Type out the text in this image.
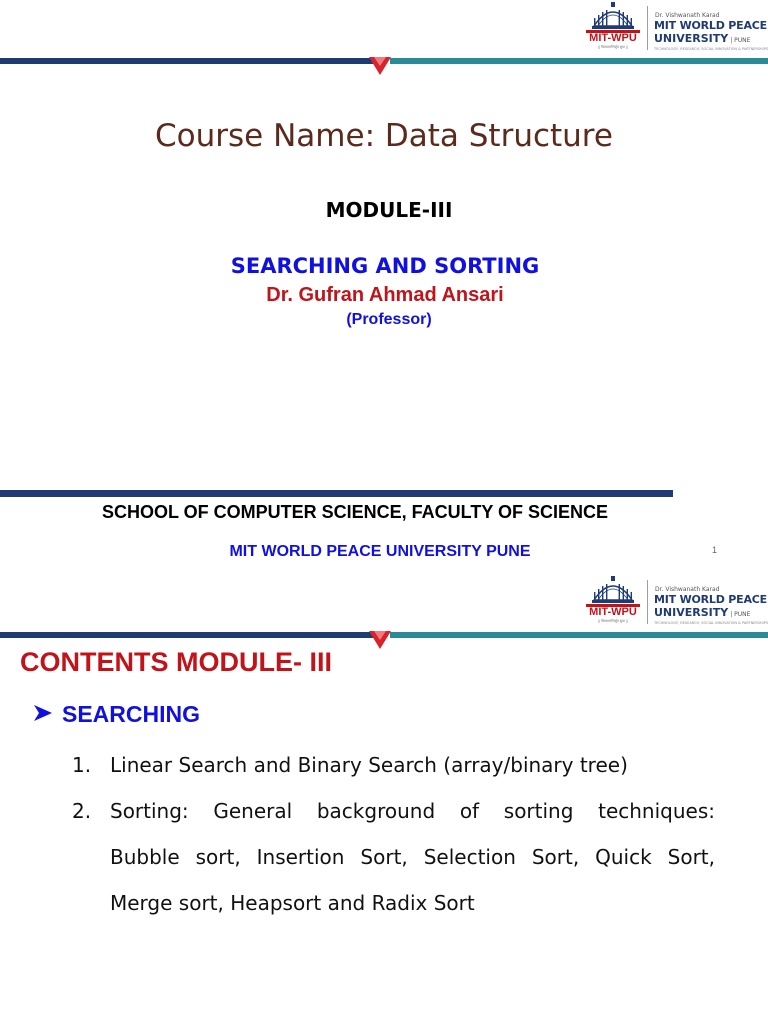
MIT-WPU
|| विश्वशान्तिर्ध्रुवं ध्रुवा ||
Dr. Vishwanath Karad
MIT WORLD PEACE
UNIVERSITY | PUNE
TECHNOLOGY, RESEARCH, SOCIAL INNOVATION & PARTNERSHIPS
Course Name: Data Structure
MODULE-III
SEARCHING AND SORTING
Dr. Gufran Ahmad Ansari
(Professor)
SCHOOL OF COMPUTER SCIENCE, FACULTY OF SCIENCE
MIT WORLD PEACE UNIVERSITY PUNE	1
MIT-WPU
|| विश्वशान्तिर्ध्रुवं ध्रुवा ||
Dr. Vishwanath Karad
MIT WORLD PEACE
UNIVERSITY | PUNE
TECHNOLOGY, RESEARCH, SOCIAL INNOVATION & PARTNERSHIPS
CONTENTS MODULE- III
SEARCHING
1. Linear Search and Binary Search (array/binary tree)
2. Sorting: General background of sorting techniques:
Bubble sort, Insertion Sort, Selection Sort, Quick Sort,
Merge sort, Heapsort and Radix Sort
